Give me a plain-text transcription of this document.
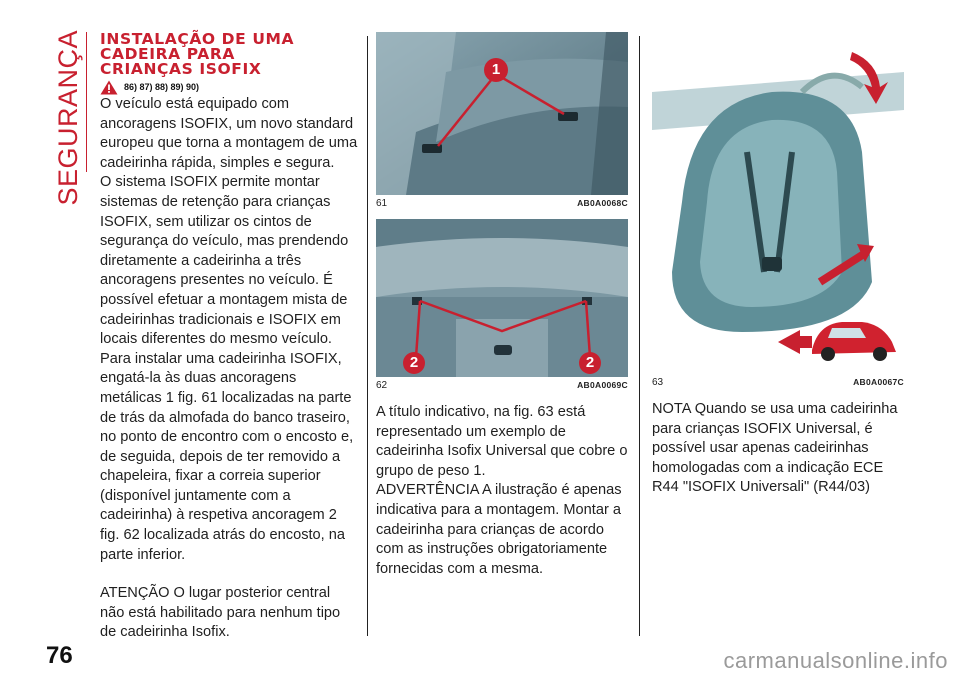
SEGURANÇA INSTALAÇÃO DE UMA
CADEIRA PARA
CRIANÇAS ISOFIX
86) 87) 88) 89) 90)

O veículo está equipado com ancoragens ISOFIX, um novo standard europeu que torna a montagem de uma cadeirinha rápida, simples e segura.

O sistema ISOFIX permite montar sistemas de retenção para crianças ISOFIX, sem utilizar os cintos de segurança do veículo, mas prendendo diretamente a cadeirinha a três ancoragens presentes no veículo. É possível efetuar a montagem mista de cadeirinhas tradicionais e ISOFIX em locais diferentes do mesmo veículo.

Para instalar uma cadeirinha ISOFIX, engatá-la às duas ancoragens metálicas 1 fig. 61 localizadas na parte de trás da almofada do banco traseiro, no ponto de encontro com o encosto e, de seguida, depois de ter removido a chapeleira, fixar a correia superior (disponível juntamente com a cadeirinha) à respetiva ancoragem 2 fig. 62 localizada atrás do encosto, na parte inferior.

ATENÇÃO O lugar posterior central não está habilitado para nenhum tipo de cadeirinha Isofix.

1
61	AB0A0068C
2	2
62	AB0A0069C

A título indicativo, na fig. 63 está representado um exemplo de cadeirinha Isofix Universal que cobre o grupo de peso 1.

ADVERTÊNCIA A ilustração é apenas indicativa para a montagem. Montar a cadeirinha para crianças de acordo com as instruções obrigatoriamente fornecidas com a mesma.

63	AB0A0067C

NOTA Quando se usa uma cadeirinha para crianças ISOFIX Universal, é possível usar apenas cadeirinhas homologadas com a indicação ECE R44 "ISOFIX Universali" (R44/03)

76	carmanualsonline.info
